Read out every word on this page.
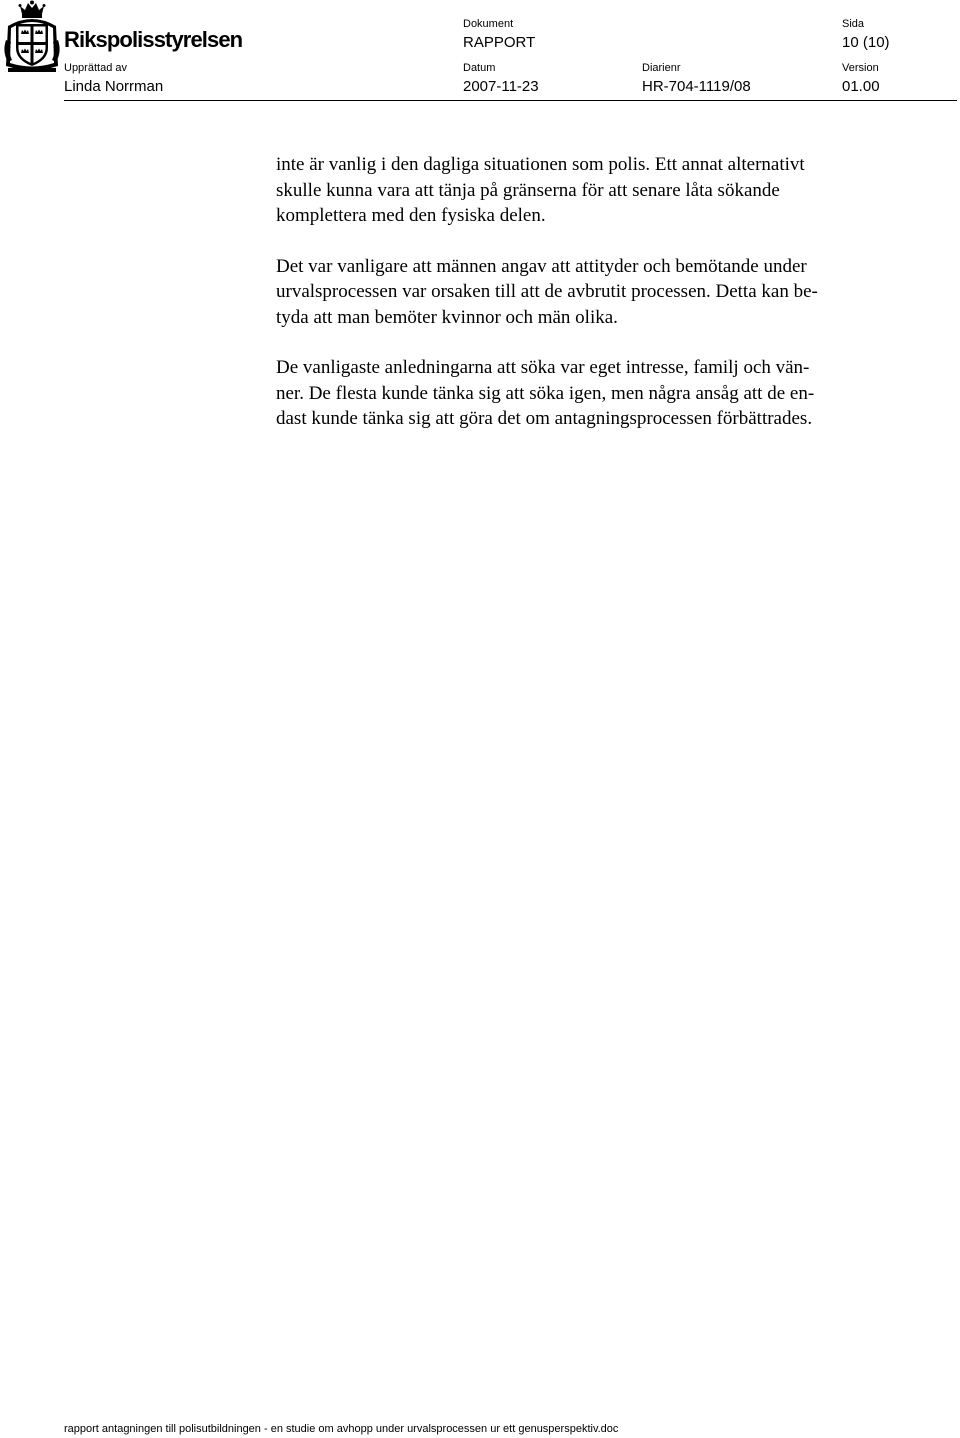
Rikspolisstyrelsen
Dokument
RAPPORT
Sida
10 (10)
Upprättad av
Linda Norrman
Datum
2007-11-23
Diarienr
HR-704-1119/08
Version
01.00

inte är vanlig i den dagliga situationen som polis. Ett annat alternativt
skulle kunna vara att tänja på gränserna för att senare låta sökande
komplettera med den fysiska delen.

Det var vanligare att männen angav att attityder och bemötande under
urvalsprocessen var orsaken till att de avbrutit processen. Detta kan be-
tyda att man bemöter kvinnor och män olika.

De vanligaste anledningarna att söka var eget intresse, familj och vän-
ner. De flesta kunde tänka sig att söka igen, men några ansåg att de en-
dast kunde tänka sig att göra det om antagningsprocessen förbättrades.

rapport antagningen till polisutbildningen - en studie om avhopp under urvalsprocessen ur ett genusperspektiv.doc
